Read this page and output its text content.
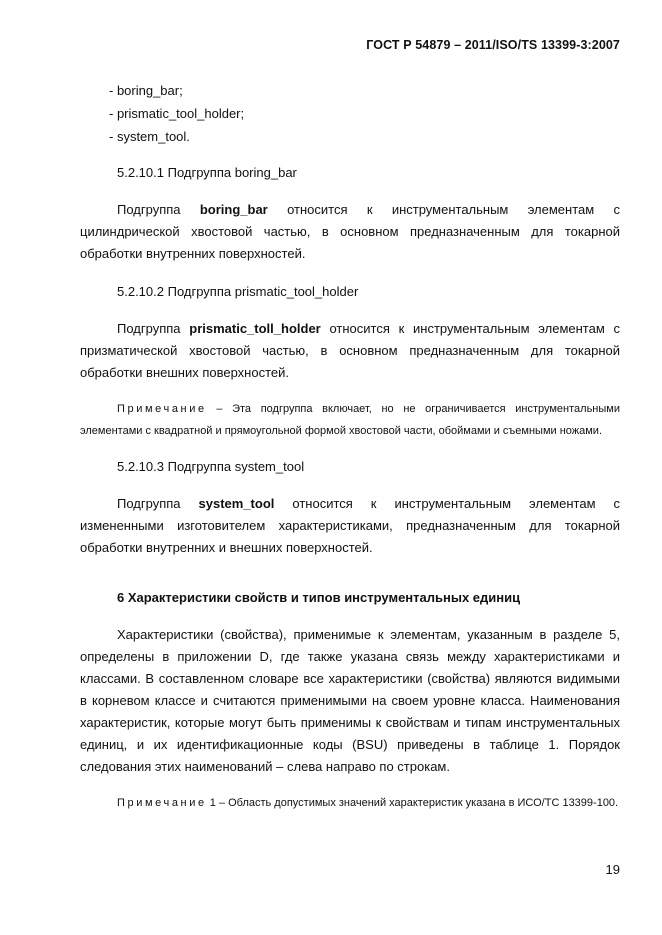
ГОСТ Р 54879 – 2011/ISO/TS 13399-3:2007

- boring_bar;

- prismatic_tool_holder;

- system_tool.

5.2.10.1 Подгруппа boring_bar

Подгруппа boring_bar относится к инструментальным элементам с цилиндрической хвостовой частью, в основном предназначенным для токарной обработки внутренних поверхностей.

5.2.10.2 Подгруппа prismatic_tool_holder

Подгруппа prismatic_toll_holder относится к инструментальным элементам с призматической хвостовой частью, в основном предназначенным для токарной обработки внешних поверхностей.

Примечание – Эта подгруппа включает, но не ограничивается инструментальными элементами с квадратной и прямоугольной формой хвостовой части, обоймами и съемными ножами.

5.2.10.3 Подгруппа system_tool

Подгруппа system_tool относится к инструментальным элементам с измененными изготовителем характеристиками, предназначенным для токарной обработки внутренних и внешних поверхностей.

6 Характеристики свойств и типов инструментальных единиц

Характеристики (свойства), применимые к элементам, указанным в разделе 5, определены в приложении D, где также указана связь между характеристиками и классами. В составленном словаре все характеристики (свойства) являются видимыми в корневом классе и считаются применимыми на своем уровне класса. Наименования характеристик, которые могут быть применимы к свойствам и типам инструментальных единиц, и их идентификационные коды (BSU) приведены в таблице 1. Порядок следования этих наименований – слева направо по строкам.

Примечание 1 – Область допустимых значений характеристик указана в ИСО/ТС 13399-100.

19
